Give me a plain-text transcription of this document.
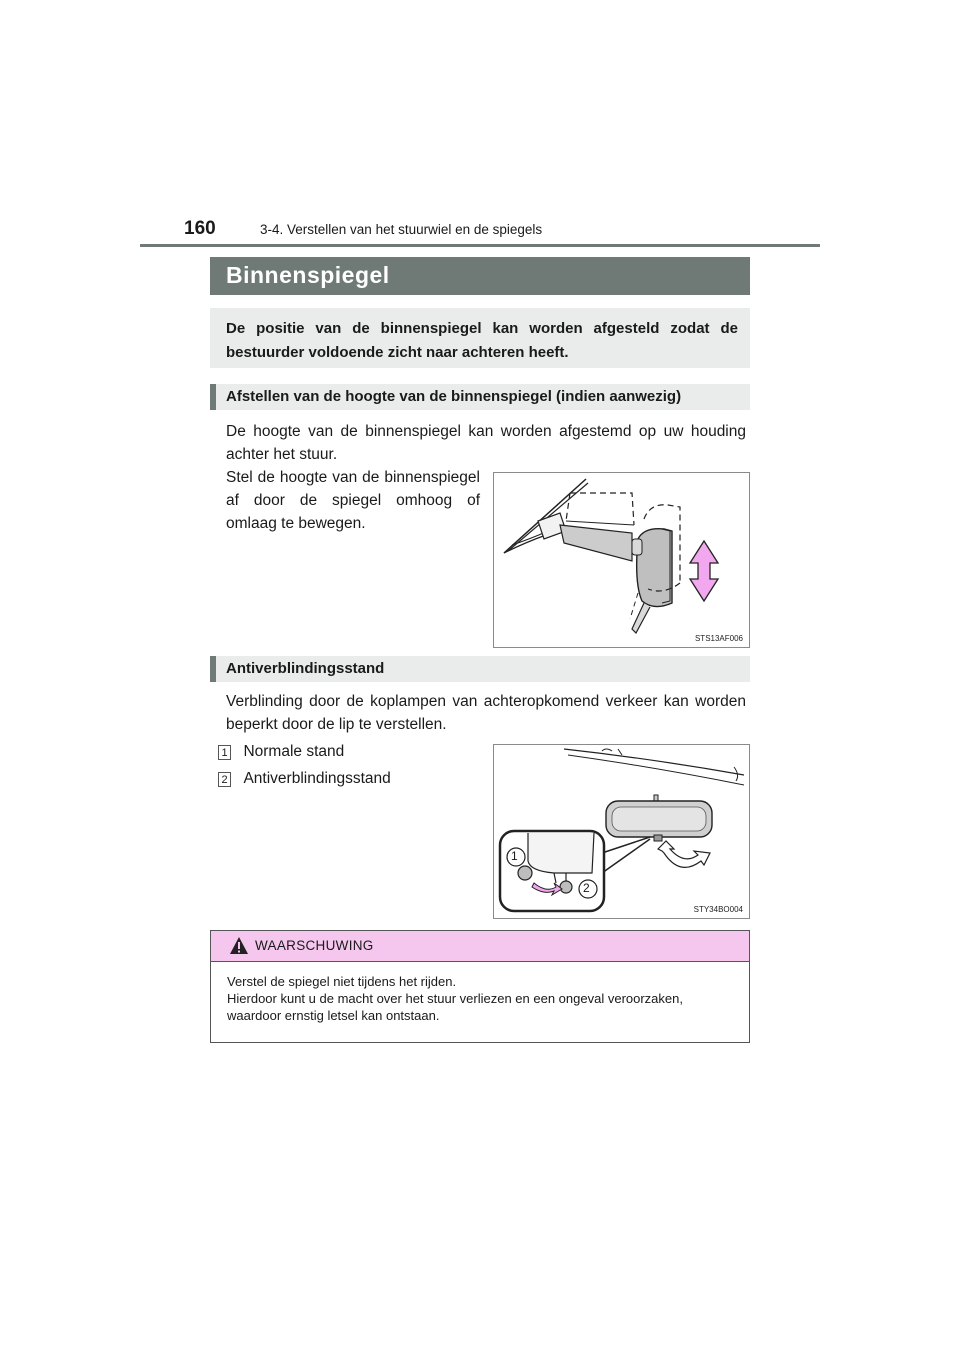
160	3-4. Verstellen van het stuurwiel en de spiegels
Binnenspiegel
De positie van de binnenspiegel kan worden afgesteld zodat de bestuurder voldoende zicht naar achteren heeft.
Afstellen van de hoogte van de binnenspiegel (indien aanwezig)
De hoogte van de binnenspiegel kan worden afgestemd op uw houding achter het stuur.
Stel de hoogte van de binnenspiegel af door de spiegel omhoog of omlaag te bewegen.
STS13AF006
Antiverblindingsstand
Verblinding door de koplampen van achteropkomend verkeer kan worden beperkt door de lip te verstellen.
1 Normale stand
2 Antiverblindingsstand
1
2
STY34BO004
WAARSCHUWING
Verstel de spiegel niet tijdens het rijden.
Hierdoor kunt u de macht over het stuur verliezen en een ongeval veroorzaken, waardoor ernstig letsel kan ontstaan.
